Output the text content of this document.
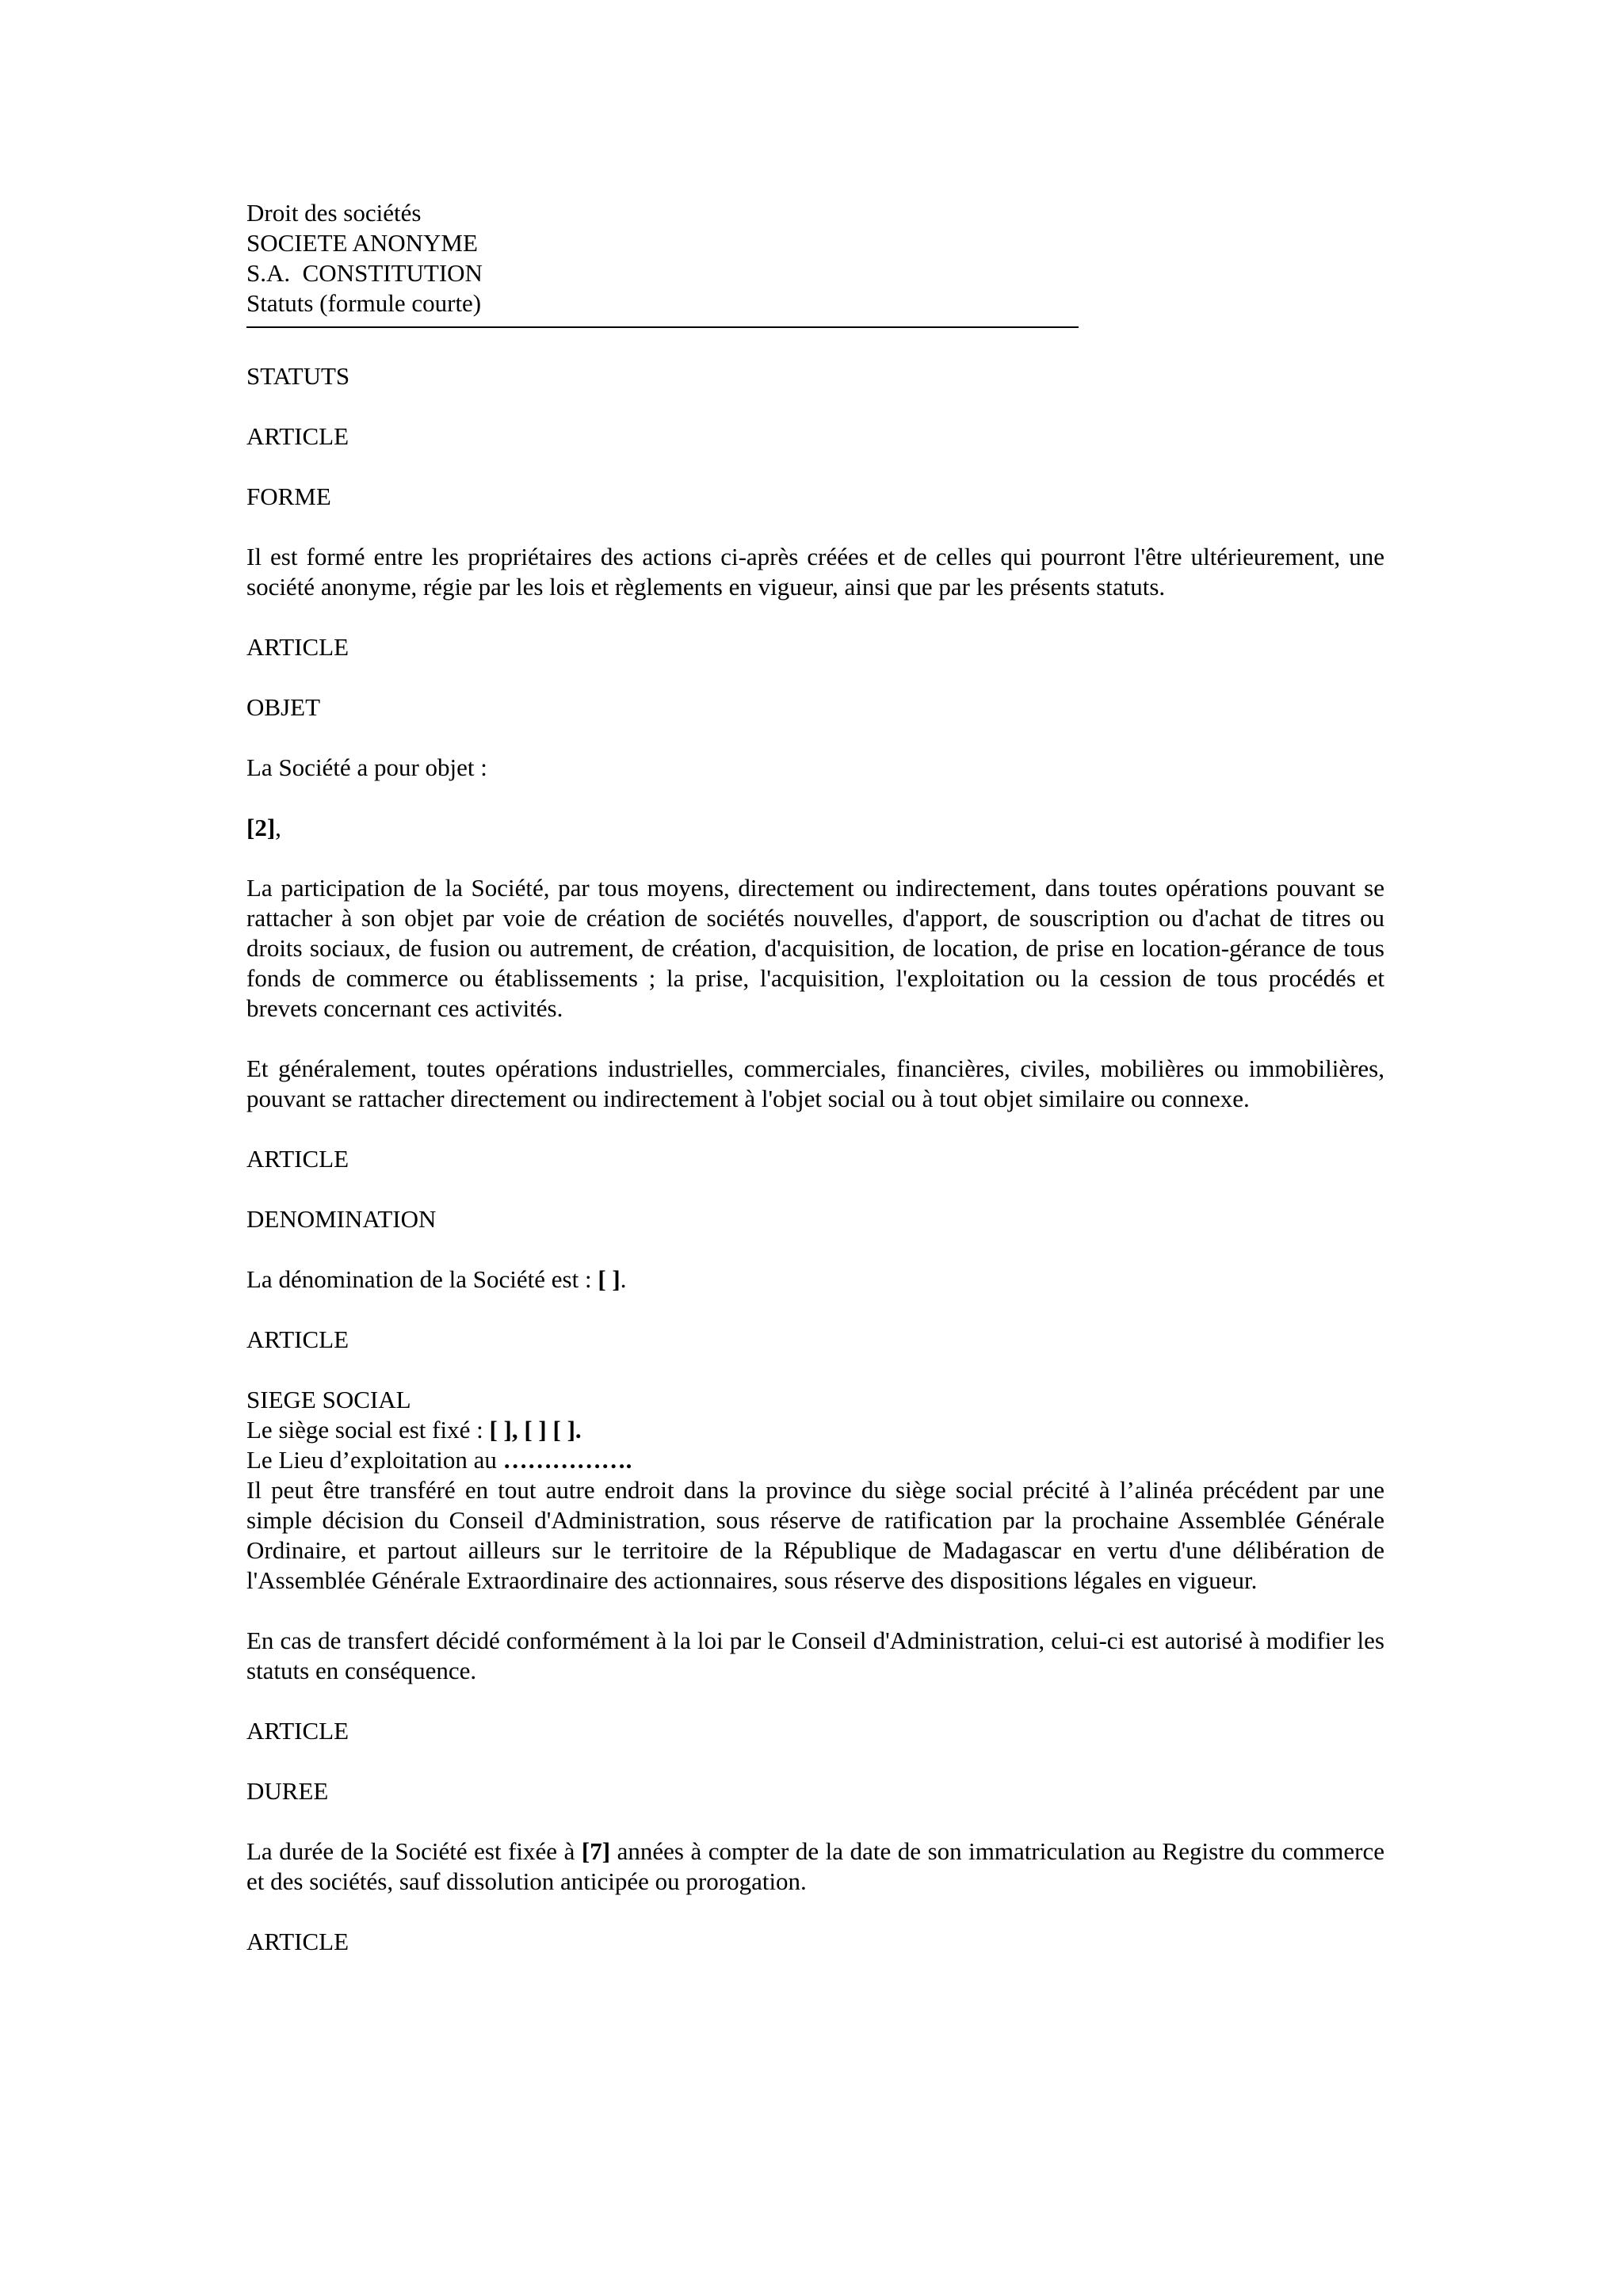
Droit des sociétés
SOCIETE ANONYME
S.A.  CONSTITUTION
Statuts (formule courte)

STATUTS

ARTICLE

FORME

Il est formé entre les propriétaires des actions ci-après créées et de celles qui pourront l'être ultérieurement, une société anonyme, régie par les lois et règlements en vigueur, ainsi que par les présents statuts.

ARTICLE

OBJET

La Société a pour objet :

[2],

La participation de la Société, par tous moyens, directement ou indirectement, dans toutes opérations pouvant se rattacher à son objet par voie de création de sociétés nouvelles, d'apport, de souscription ou d'achat de titres ou droits sociaux, de fusion ou autrement, de création, d'acquisition, de location, de prise en location-gérance de tous fonds de commerce ou établissements ; la prise, l'acquisition, l'exploitation ou la cession de tous procédés et brevets concernant ces activités.

Et généralement, toutes opérations industrielles, commerciales, financières, civiles, mobilières ou immobilières, pouvant se rattacher directement ou indirectement à l'objet social ou à tout objet similaire ou connexe.

ARTICLE

DENOMINATION

La dénomination de la Société est : [ ].

ARTICLE

SIEGE SOCIAL
Le siège social est fixé : [ ], [ ] [ ].
Le Lieu d’exploitation au …………….

Il peut être transféré en tout autre endroit dans la province du siège social précité à l’alinéa précédent par une simple décision du Conseil d'Administration, sous réserve de ratification par la prochaine Assemblée Générale Ordinaire, et partout ailleurs sur le territoire de la République de Madagascar en vertu d'une délibération de l'Assemblée Générale Extraordinaire des actionnaires, sous réserve des dispositions légales en vigueur.

En cas de transfert décidé conformément à la loi par le Conseil d'Administration, celui-ci est autorisé à modifier les statuts en conséquence.

ARTICLE

DUREE

La durée de la Société est fixée à [7] années à compter de la date de son immatriculation au Registre du commerce et des sociétés, sauf dissolution anticipée ou prorogation.

ARTICLE
